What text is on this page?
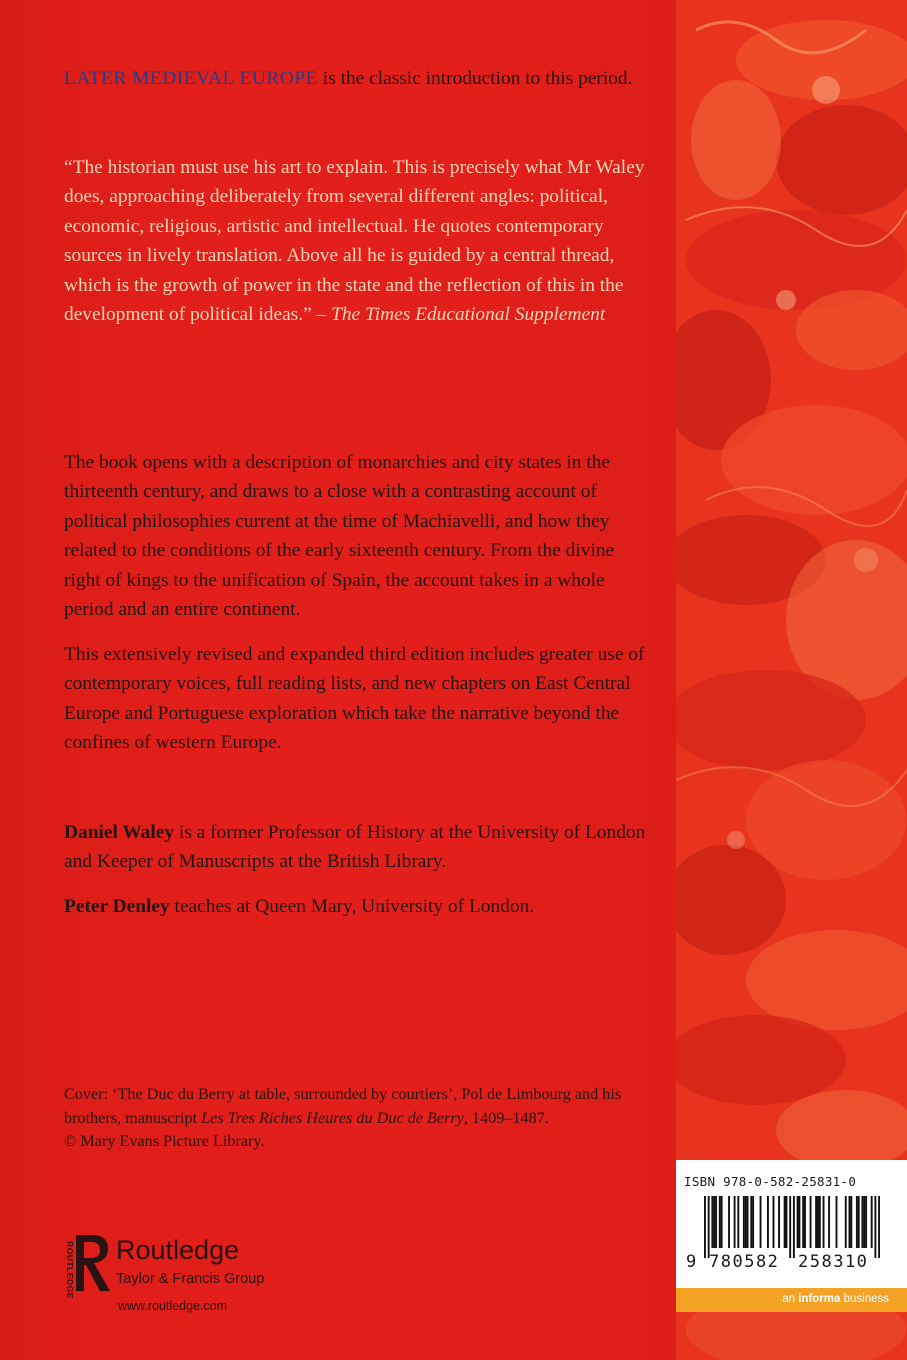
LATER MEDIEVAL EUROPE is the classic introduction to this period.

“The historian must use his art to explain. This is precisely what Mr Waley does, approaching deliberately from several different angles: political, economic, religious, artistic and intellectual. He quotes contemporary sources in lively translation. Above all he is guided by a central thread, which is the growth of power in the state and the reflection of this in the development of political ideas.” – The Times Educational Supplement

The book opens with a description of monarchies and city states in the thirteenth century, and draws to a close with a contrasting account of political philosophies current at the time of Machiavelli, and how they related to the conditions of the early sixteenth century. From the divine right of kings to the unification of Spain, the account takes in a whole period and an entire continent.

This extensively revised and expanded third edition includes greater use of contemporary voices, full reading lists, and new chapters on East Central Europe and Portuguese exploration which take the narrative beyond the confines of western Europe.

Daniel Waley is a former Professor of History at the University of London and Keeper of Manuscripts at the British Library.

Peter Denley teaches at Queen Mary, University of London.

Cover: ‘The Duc du Berry at table, surrounded by courtiers’, Pol de Limbourg and his brothers, manuscript Les Tres Riches Heures du Duc de Berry, 1409–1487.
© Mary Evans Picture Library.
ROUTLEDGE Routledge
Taylor & Francis Group
www.routledge.com
ISBN 978-0-582-25831-0
9 780582 258310
an informa business
